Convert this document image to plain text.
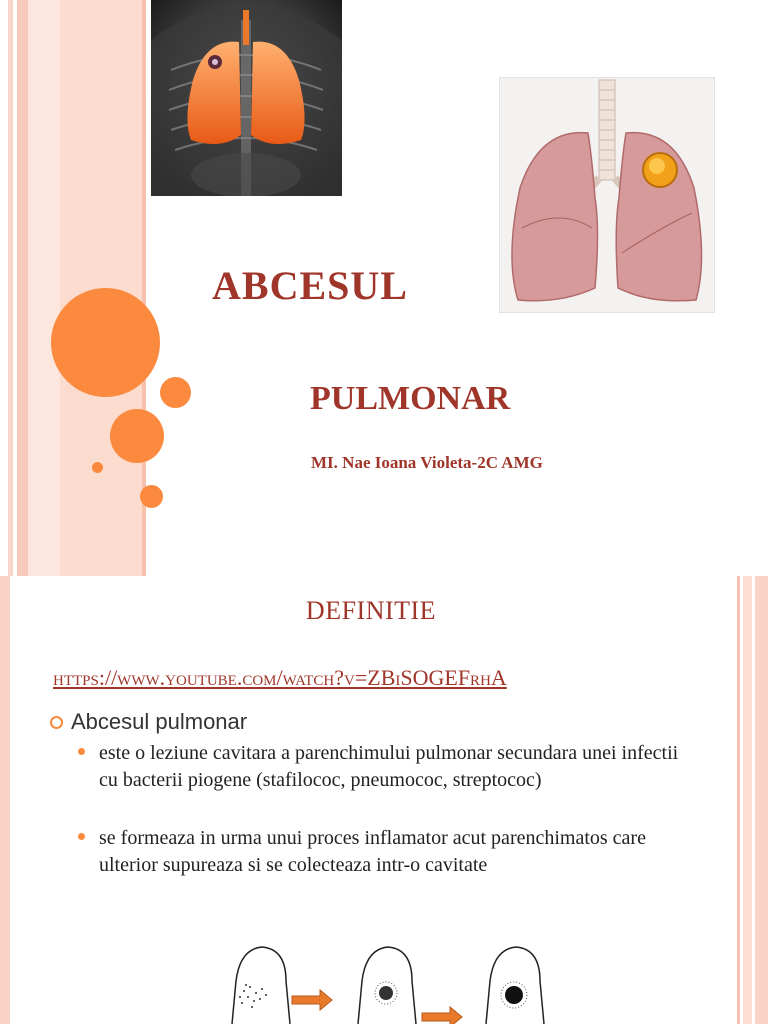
ABCESUL
PULMONAR
MI. Nae Ioana Violeta-2C AMG
DEFINITIE
https://www.youtube.com/watch?v=ZBiSOGEFrhA
Abcesul pulmonar
este o leziune cavitara a parenchimului pulmonar secundara unei infectii cu bacterii piogene (stafilococ, pneumococ, streptococ)
se formeaza in urma unui proces inflamator acut parenchimatos care ulterior supureaza si se colecteaza intr-o cavitate
